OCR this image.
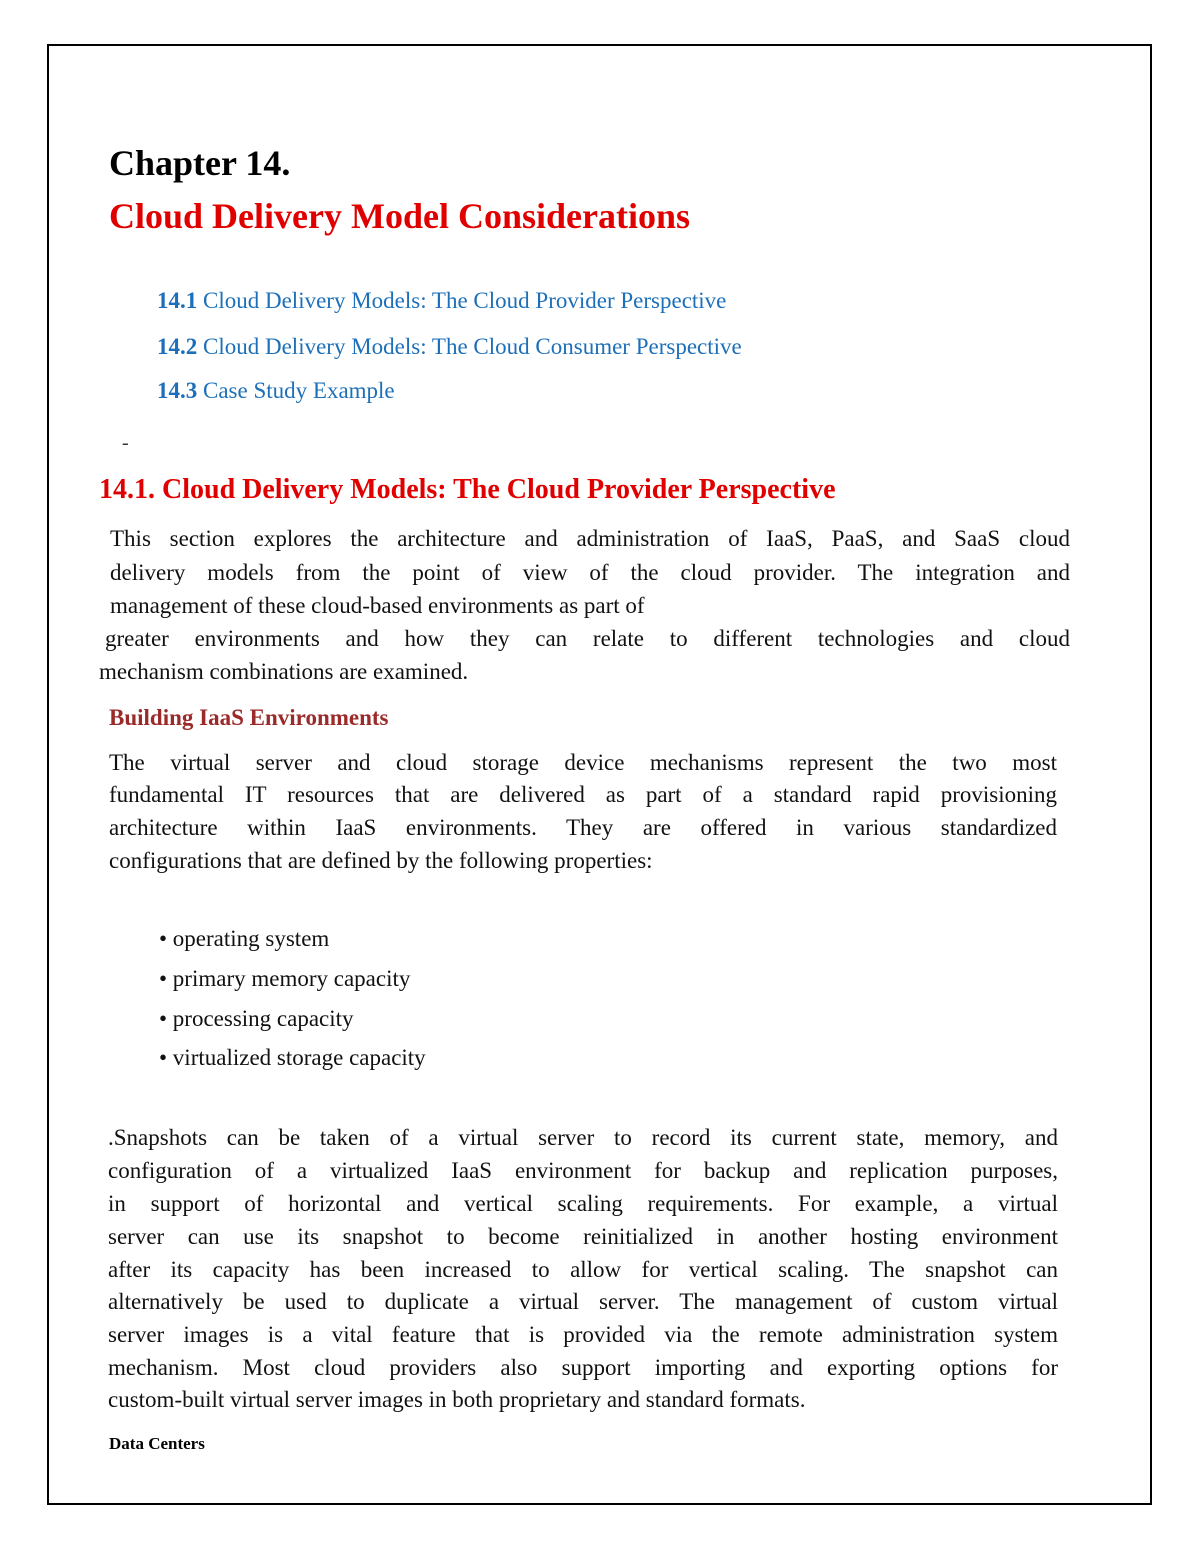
Chapter 14.
Cloud Delivery Model Considerations
14.1 Cloud Delivery Models: The Cloud Provider Perspective
14.2 Cloud Delivery Models: The Cloud Consumer Perspective
14.3 Case Study Example
-
14.1. Cloud Delivery Models: The Cloud Provider Perspective
This section explores the architecture and administration of IaaS, PaaS, and SaaS cloud
delivery models from the point of view of the cloud provider. The integration and
management of these cloud-based environments as part of
greater environments and how they can relate to different technologies and cloud
mechanism combinations are examined.
Building IaaS Environments
The virtual server and cloud storage device mechanisms represent the two most
fundamental IT resources that are delivered as part of a standard rapid provisioning
architecture within IaaS environments. They are offered in various standardized
configurations that are defined by the following properties:
• operating system
• primary memory capacity
• processing capacity
• virtualized storage capacity
.Snapshots can be taken of a virtual server to record its current state, memory, and
configuration of a virtualized IaaS environment for backup and replication purposes,
in support of horizontal and vertical scaling requirements. For example, a virtual
server can use its snapshot to become reinitialized in another hosting environment
after its capacity has been increased to allow for vertical scaling. The snapshot can
alternatively be used to duplicate a virtual server. The management of custom virtual
server images is a vital feature that is provided via the remote administration system
mechanism. Most cloud providers also support importing and exporting options for
custom-built virtual server images in both proprietary and standard formats.
Data Centers
